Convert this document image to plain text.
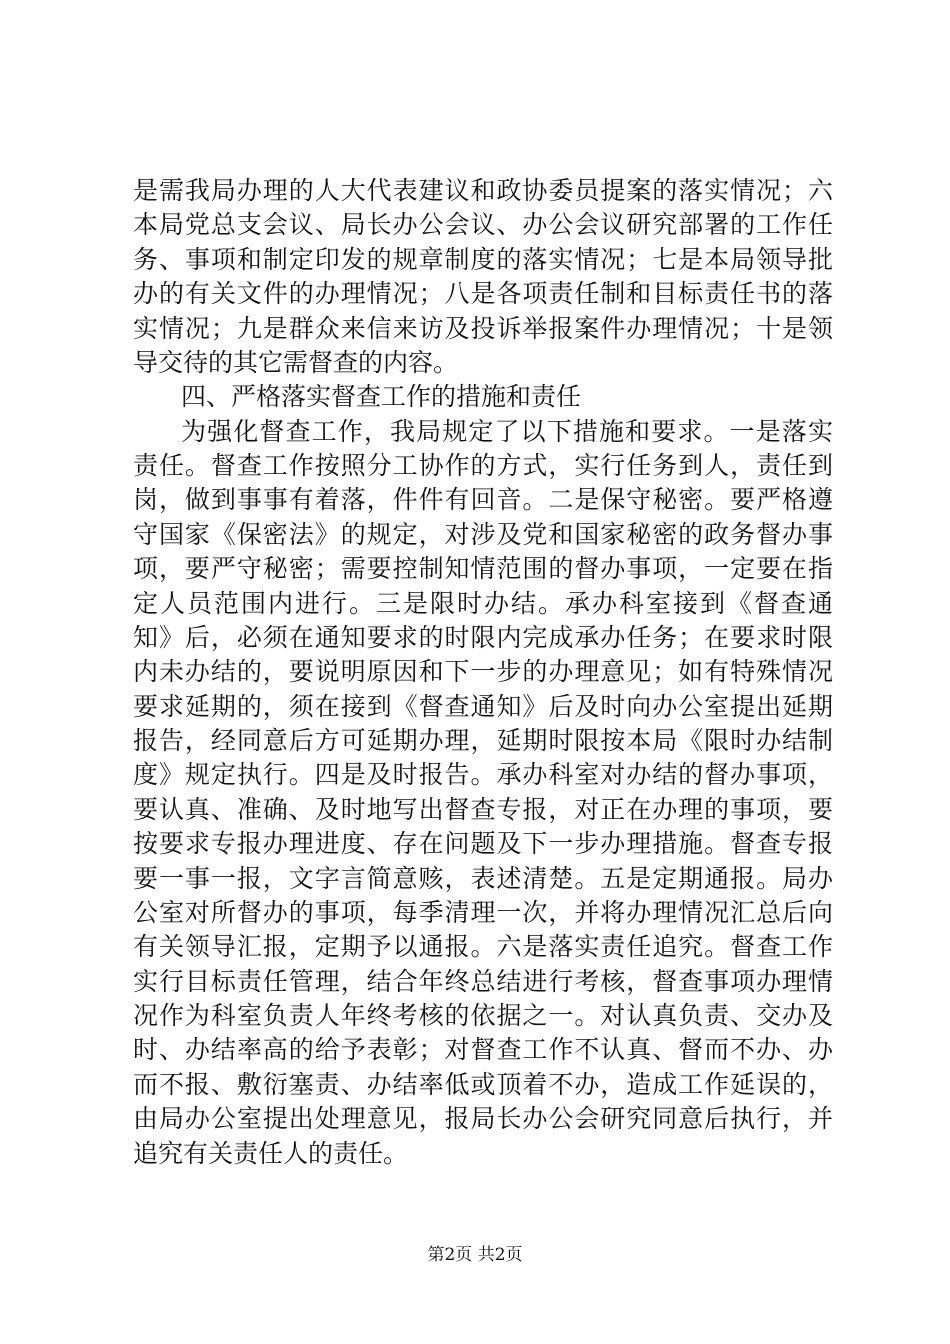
是需我局办理的人大代表建议和政协委员提案的落实情况；六
本局党总支会议、局长办公会议、办公会议研究部署的工作任
务、事项和制定印发的规章制度的落实情况；七是本局领导批
办的有关文件的办理情况；八是各项责任制和目标责任书的落
实情况；九是群众来信来访及投诉举报案件办理情况；十是领
导交待的其它需督查的内容。
四、严格落实督查工作的措施和责任
为强化督查工作，我局规定了以下措施和要求。一是落实
责任。督查工作按照分工协作的方式，实行任务到人，责任到
岗，做到事事有着落，件件有回音。二是保守秘密。要严格遵
守国家《保密法》的规定，对涉及党和国家秘密的政务督办事
项，要严守秘密；需要控制知情范围的督办事项，一定要在指
定人员范围内进行。三是限时办结。承办科室接到《督查通
知》后，必须在通知要求的时限内完成承办任务；在要求时限
内未办结的，要说明原因和下一步的办理意见；如有特殊情况
要求延期的，须在接到《督查通知》后及时向办公室提出延期
报告，经同意后方可延期办理，延期时限按本局《限时办结制
度》规定执行。四是及时报告。承办科室对办结的督办事项，
要认真、准确、及时地写出督查专报，对正在办理的事项，要
按要求专报办理进度、存在问题及下一步办理措施。督查专报
要一事一报，文字言简意赅，表述清楚。五是定期通报。局办
公室对所督办的事项，每季清理一次，并将办理情况汇总后向
有关领导汇报，定期予以通报。六是落实责任追究。督查工作
实行目标责任管理，结合年终总结进行考核，督查事项办理情
况作为科室负责人年终考核的依据之一。对认真负责、交办及
时、办结率高的给予表彰；对督查工作不认真、督而不办、办
而不报、敷衍塞责、办结率低或顶着不办，造成工作延误的，
由局办公室提出处理意见，报局长办公会研究同意后执行，并
追究有关责任人的责任。
第2页 共2页
